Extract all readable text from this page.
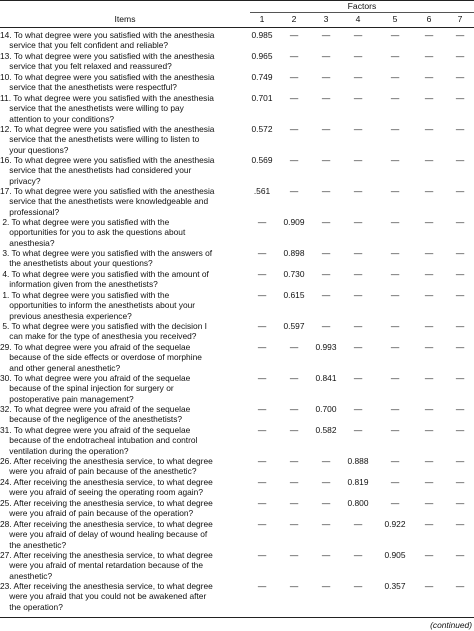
Factors
Items	1	2	3	4	5	6	7
14. To what degree were you satisfied with the anesthesia
service that you felt confident and reliable?
0.985	—	—	—	—	—	—
13. To what degree were you satisfied with the anesthesia
service that you felt relaxed and reassured?
0.965	—	—	—	—	—	—
10. To what degree were you satisfied with the anesthesia
service that the anesthetists were respectful?
0.749	—	—	—	—	—	—
11. To what degree were you satisfied with the anesthesia
service that the anesthetists were willing to pay
attention to your conditions?
0.701	—	—	—	—	—	—
12. To what degree were you satisfied with the anesthesia
service that the anesthetists were willing to listen to
your questions?
0.572	—	—	—	—	—	—
16. To what degree were you satisfied with the anesthesia
service that the anesthetists had considered your
privacy?
0.569	—	—	—	—	—	—
17. To what degree were you satisfied with the anesthesia
service that the anesthetists were knowledgeable and
professional?
.561	—	—	—	—	—	—
2. To what degree were you satisfied with the
opportunities for you to ask the questions about
anesthesia?
—	0.909	—	—	—	—	—
3. To what degree were you satisfied with the answers of
the anesthetists about your questions?
—	0.898	—	—	—	—	—
4. To what degree were you satisfied with the amount of
information given from the anesthetists?
—	0.730	—	—	—	—	—
1. To what degree were you satisfied with the
opportunities to inform the anesthetists about your
previous anesthesia experience?
—	0.615	—	—	—	—	—
5. To what degree were you satisfied with the decision I
can make for the type of anesthesia you received?
—	0.597	—	—	—	—	—
29. To what degree were you afraid of the sequelae
because of the side effects or overdose of morphine
and other general anesthetic?
—	—	0.993	—	—	—	—
30. To what degree were you afraid of the sequelae
because of the spinal injection for surgery or
postoperative pain management?
—	—	0.841	—	—	—	—
32. To what degree were you afraid of the sequelae
because of the negligence of the anesthetists?
—	—	0.700	—	—	—	—
31. To what degree were you afraid of the sequelae
because of the endotracheal intubation and control
ventilation during the operation?
—	—	0.582	—	—	—	—
26. After receiving the anesthesia service, to what degree
were you afraid of pain because of the anesthetic?
—	—	—	0.888	—	—	—
24. After receiving the anesthesia service, to what degree
were you afraid of seeing the operating room again?
—	—	—	0.819	—	—	—
25. After receiving the anesthesia service, to what degree
were you afraid of pain because of the operation?
—	—	—	0.800	—	—	—
28. After receiving the anesthesia service, to what degree
were you afraid of delay of wound healing because of
the anesthetic?
—	—	—	—	0.922	—	—
27. After receiving the anesthesia service, to what degree
were you afraid of mental retardation because of the
anesthetic?
—	—	—	—	0.905	—	—
23. After receiving the anesthesia service, to what degree
were you afraid that you could not be awakened after
the operation?
—	—	—	—	0.357	—	—
(continued)
